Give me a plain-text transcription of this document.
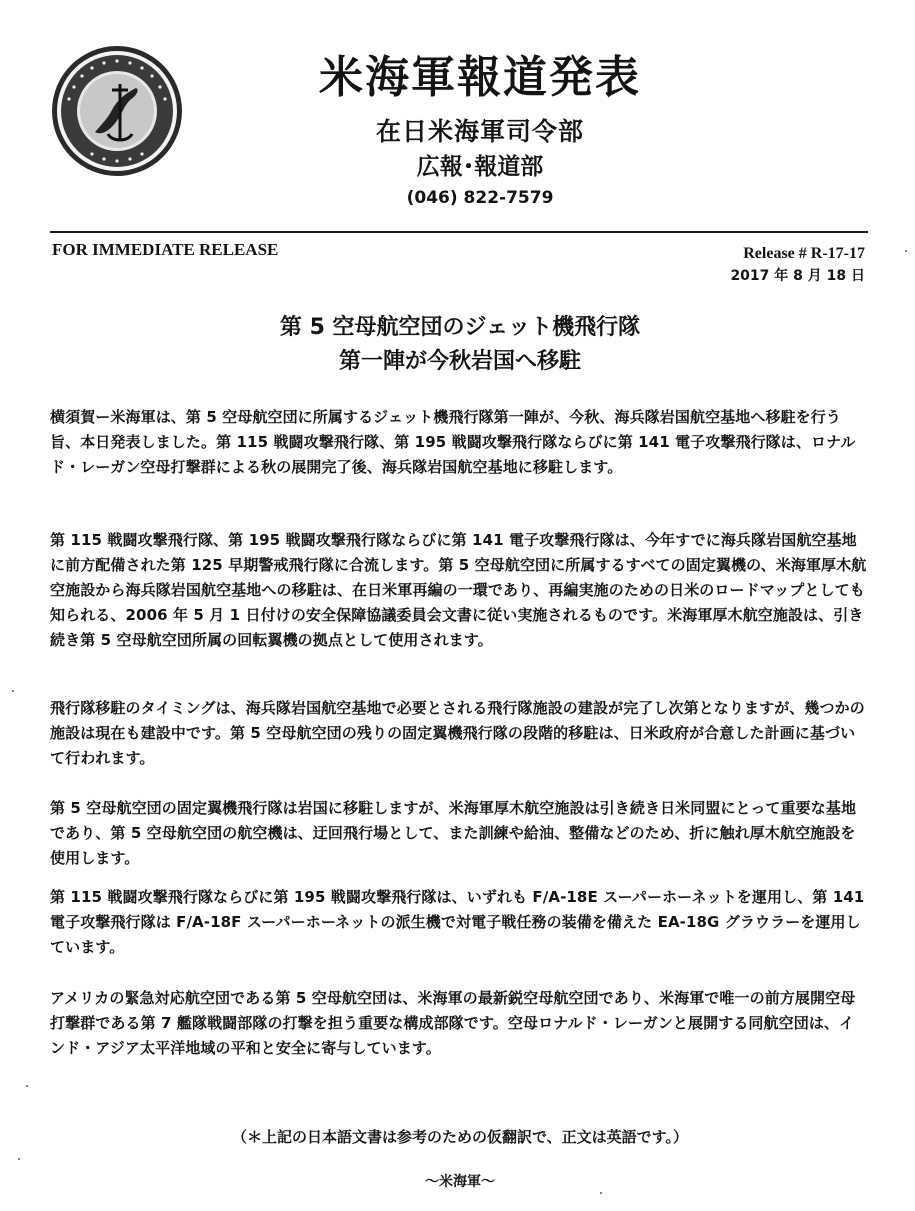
米海軍報道発表
在日米海軍司令部
広報･報道部
(046) 822-7579
FOR IMMEDIATE RELEASE	Release # R-17-17
2017 年 8 月 18 日
第 5 空母航空団のジェット機飛行隊
第一陣が今秋岩国へ移駐
横須賀ー米海軍は、第 5 空母航空団に所属するジェット機飛行隊第一陣が、今秋、海兵隊岩国航空基地へ移駐を行う旨、本日発表しました。第 115 戦闘攻撃飛行隊、第 195 戦闘攻撃飛行隊ならびに第 141 電子攻撃飛行隊は、ロナルド・レーガン空母打撃群による秋の展開完了後、海兵隊岩国航空基地に移駐します。
第 115 戦闘攻撃飛行隊、第 195 戦闘攻撃飛行隊ならびに第 141 電子攻撃飛行隊は、今年すでに海兵隊岩国航空基地に前方配備された第 125 早期警戒飛行隊に合流します。第 5 空母航空団に所属するすべての固定翼機の、米海軍厚木航空施設から海兵隊岩国航空基地への移駐は、在日米軍再編の一環であり、再編実施のための日米のロードマップとしても知られる、2006 年 5 月 1 日付けの安全保障協議委員会文書に従い実施されるものです。米海軍厚木航空施設は、引き続き第 5 空母航空団所属の回転翼機の拠点として使用されます。
飛行隊移駐のタイミングは、海兵隊岩国航空基地で必要とされる飛行隊施設の建設が完了し次第となりますが、幾つかの施設は現在も建設中です。第 5 空母航空団の残りの固定翼機飛行隊の段階的移駐は、日米政府が合意した計画に基づいて行われます。
第 5 空母航空団の固定翼機飛行隊は岩国に移駐しますが、米海軍厚木航空施設は引き続き日米同盟にとって重要な基地であり、第 5 空母航空団の航空機は、迂回飛行場として、また訓練や給油、整備などのため、折に触れ厚木航空施設を使用します。
第 115 戦闘攻撃飛行隊ならびに第 195 戦闘攻撃飛行隊は、いずれも F/A-18E スーパーホーネットを運用し、第 141 電子攻撃飛行隊は F/A-18F スーパーホーネットの派生機で対電子戦任務の装備を備えた EA-18G グラウラーを運用しています。
アメリカの緊急対応航空団である第 5 空母航空団は、米海軍の最新鋭空母航空団であり、米海軍で唯一の前方展開空母打撃群である第 7 艦隊戦闘部隊の打撃を担う重要な構成部隊です。空母ロナルド・レーガンと展開する同航空団は、インド・アジア太平洋地域の平和と安全に寄与しています。
（＊上記の日本語文書は参考のための仮翻訳で、正文は英語です。）
～米海軍～
